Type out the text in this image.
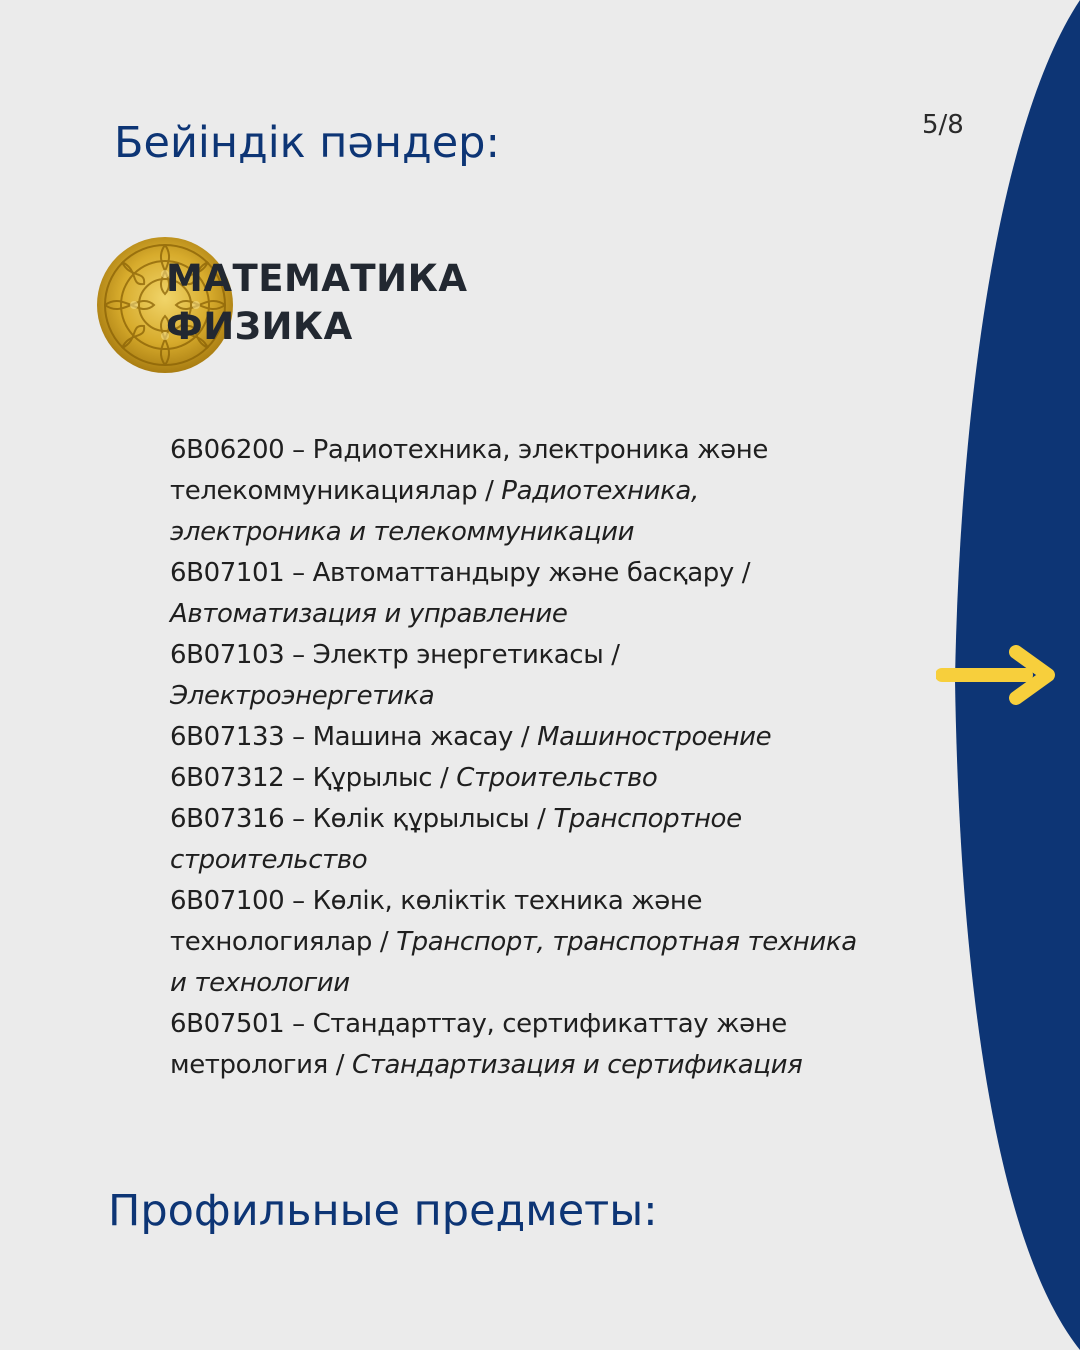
Бейіндік пәндер:	5/8
МАТЕМАТИКА
ФИЗИКА
6В06200 – Радиотехника, электроника және телекоммуникациялар / Радиотехника, электроника и телекоммуникации
6В07101 – Автоматтандыру және басқару / Автоматизация и управление
6В07103 – Электр энергетикасы / Электроэнергетика
6В07133 – Машина жасау / Машиностроение
6В07312 – Құрылыс / Строительство
6В07316 – Көлік құрылысы / Транспортное строительство
6В07100 – Көлік, көліктік техника және технологиялар / Транспорт, транспортная техника и технологии
6В07501 – Стандарттау, сертификаттау және метрология / Стандартизация и сертификация
Профильные предметы:
